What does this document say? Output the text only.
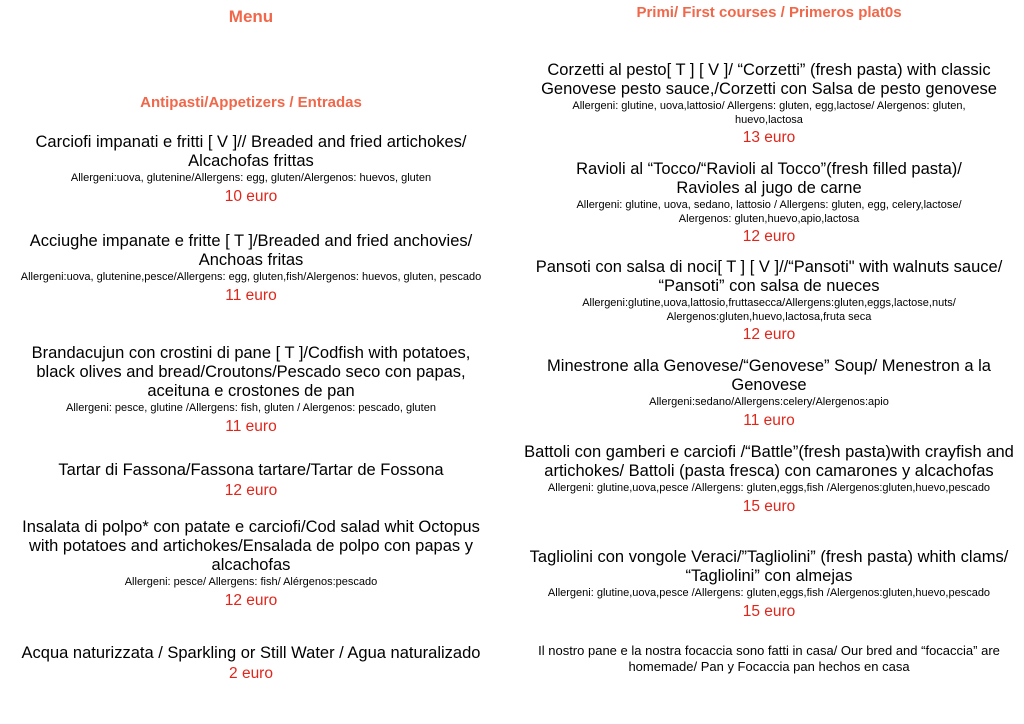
Menu
Antipasti/Appetizers / Entradas
Carciofi impanati e fritti [ V ]// Breaded and fried artichokes/ Alcachofas frittas
Allergeni:uova, glutenine/Allergens: egg, gluten/Alergenos: huevos, gluten
10 euro
Acciughe impanate e fritte [ T ]/Breaded and fried anchovies/ Anchoas fritas
Allergeni:uova, glutenine,pesce/Allergens: egg, gluten,fish/Alergenos: huevos, gluten, pescado
11 euro
Brandacujun con crostini di pane [ T ]/Codfish with potatoes, black olives and bread/Croutons/Pescado seco con papas, aceituna e crostones de pan
Allergeni: pesce, glutine /Allergens: fish, gluten / Alergenos: pescado, gluten
11 euro
Tartar di Fassona/Fassona tartare/Tartar de Fossona
12 euro
Insalata di polpo* con patate e carciofi/Cod salad whit Octopus with potatoes and artichokes/Ensalada de polpo con papas y alcachofas
Allergeni: pesce/ Allergens: fish/ Alérgenos:pescado
12 euro
Acqua naturizzata / Sparkling or Still Water / Agua naturalizado
2 euro
Primi/ First courses / Primeros plat0s
Corzetti al pesto[ T ] [ V ]/ “Corzetti” (fresh pasta) with classic Genovese pesto sauce,/Corzetti con Salsa de pesto genovese
Allergeni: glutine, uova,lattosio/ Allergens: gluten, egg,lactose/ Alergenos: gluten, huevo,lactosa
13 euro
Ravioli al “Tocco/“Ravioli al Tocco”(fresh filled pasta)/ Ravioles al jugo de carne
Allergeni: glutine, uova, sedano, lattosio / Allergens: gluten, egg, celery,lactose/ Alergenos: gluten,huevo,apio,lactosa
12 euro
Pansoti con salsa di noci[ T ] [ V ]//“Pansoti" with walnuts sauce/ “Pansoti” con salsa de nueces
Allergeni:glutine,uova,lattosio,fruttasecca/Allergens:gluten,eggs,lactose,nuts/ Alergenos:gluten,huevo,lactosa,fruta seca
12 euro
Minestrone alla Genovese/“Genovese” Soup/ Menestron a la Genovese
Allergeni:sedano/Allergens:celery/Alergenos:apio
11 euro
Battoli con gamberi e carciofi /“Battle”(fresh pasta)with crayfish and artichokes/ Battoli (pasta fresca) con camarones y alcachofas
Allergeni: glutine,uova,pesce /Allergens: gluten,eggs,fish /Alergenos:gluten,huevo,pescado
15 euro
Tagliolini con vongole Veraci/”Tagliolini” (fresh pasta) whith clams/ “Tagliolini” con almejas
Allergeni: glutine,uova,pesce /Allergens: gluten,eggs,fish /Alergenos:gluten,huevo,pescado
15 euro
Il nostro pane e la nostra focaccia sono fatti in casa/ Our bred and “focaccia” are homemade/ Pan y Focaccia pan hechos en casa
